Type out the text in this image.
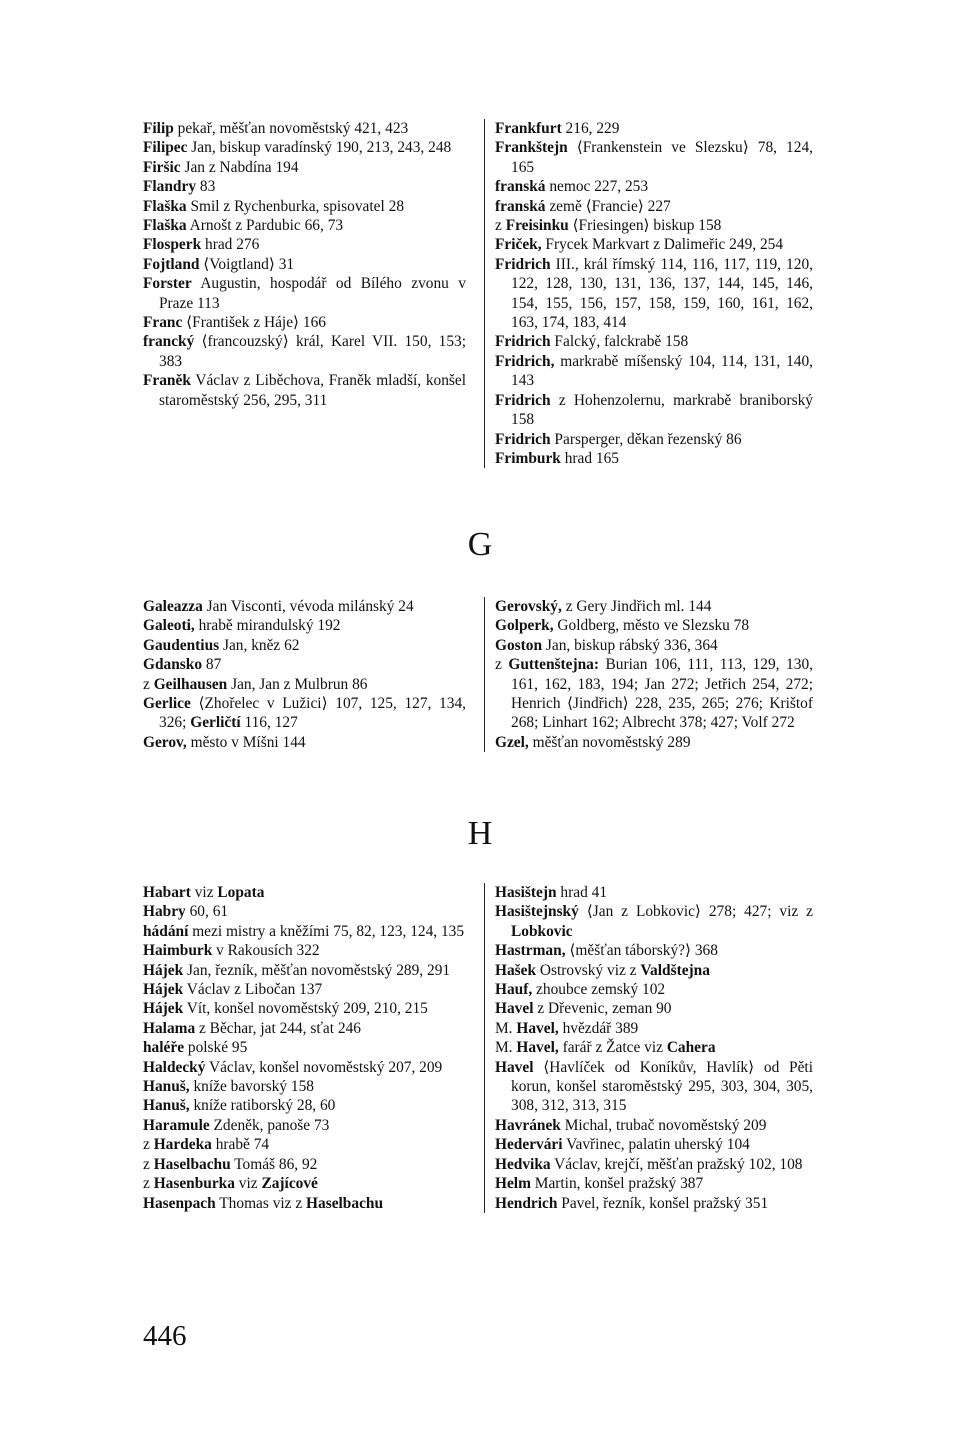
Filip pekař, měšťan novoměstský 421, 423
Filipec Jan, biskup varadínský 190, 213, 243, 248
Firšic Jan z Nabdína 194
Flandry 83
Flaška Smil z Rychenburka, spisovatel 28
Flaška Arnošt z Pardubic 66, 73
Flosperk hrad 276
Fojtland ⟨Voigtland⟩ 31
Forster Augustin, hospodář od Bílého zvonu v Praze 113
Franc ⟨František z Háje⟩ 166
francký ⟨francouzský⟩ král, Karel VII. 150, 153; 383
Franěk Václav z Liběchova, Franěk mladší, konšel staroměstský 256, 295, 311
Frankfurt 216, 229
Frankštejn ⟨Frankenstein ve Slezsku⟩ 78, 124, 165
franská nemoc 227, 253
franská země ⟨Francie⟩ 227
z Freisinku ⟨Friesingen⟩ biskup 158
Friček, Frycek Markvart z Dalimeřic 249, 254
Fridrich III., král římský 114, 116, 117, 119, 120, 122, 128, 130, 131, 136, 137, 144, 145, 146, 154, 155, 156, 157, 158, 159, 160, 161, 162, 163, 174, 183, 414
Fridrich Falcký, falckrabě 158
Fridrich, markrabě míšenský 104, 114, 131, 140, 143
Fridrich z Hohenzolernu, markrabě braniborský 158
Fridrich Parsperger, děkan řezenský 86
Frimburk hrad 165
G
Galeazza Jan Visconti, vévoda milánský 24
Galeoti, hrabě mirandulský 192
Gaudentius Jan, kněz 62
Gdansko 87
z Geilhausen Jan, Jan z Mulbrun 86
Gerlice ⟨Zhořelec v Lužici⟩ 107, 125, 127, 134, 326; Gerličtí 116, 127
Gerov, město v Míšni 144
Gerovský, z Gery Jindřich ml. 144
Golperk, Goldberg, město ve Slezsku 78
Goston Jan, biskup rábský 336, 364
z Guttenštejna: Burian 106, 111, 113, 129, 130, 161, 162, 183, 194; Jan 272; Jetřich 254, 272; Henrich ⟨Jindřich⟩ 228, 235, 265; 276; Krištof 268; Linhart 162; Albrecht 378; 427; Volf 272
Gzel, měšťan novoměstský 289
H
Habart viz Lopata
Habry 60, 61
hádání mezi mistry a kněžími 75, 82, 123, 124, 135
Haimburk v Rakousích 322
Hájek Jan, řezník, měšťan novoměstský 289, 291
Hájek Václav z Libočan 137
Hájek Vít, konšel novoměstský 209, 210, 215
Halama z Běchar, jat 244, sťat 246
haléře polské 95
Haldecký Václav, konšel novoměstský 207, 209
Hanuš, kníže bavorský 158
Hanuš, kníže ratiborský 28, 60
Haramule Zdeněk, panoše 73
z Hardeka hrabě 74
z Haselbachu Tomáš 86, 92
z Hasenburka viz Zajícové
Hasenpach Thomas viz z Haselbachu
Hasištejn hrad 41
Hasištejnský ⟨Jan z Lobkovic⟩ 278; 427; viz z Lobkovic
Hastrman, ⟨měšťan táborský?⟩ 368
Hašek Ostrovský viz z Valdštejna
Hauf, zhoubce zemský 102
Havel z Dřevenic, zeman 90
M. Havel, hvězdář 389
M. Havel, farář z Žatce viz Cahera
Havel ⟨Havlíček od Koníkův, Havlík⟩ od Pěti korun, konšel staroměstský 295, 303, 304, 305, 308, 312, 313, 315
Havránek Michal, trubač novoměstský 209
Hedervári Vavřinec, palatin uherský 104
Hedvika Václav, krejčí, měšťan pražský 102, 108
Helm Martin, konšel pražský 387
Hendrich Pavel, řezník, konšel pražský 351
446
